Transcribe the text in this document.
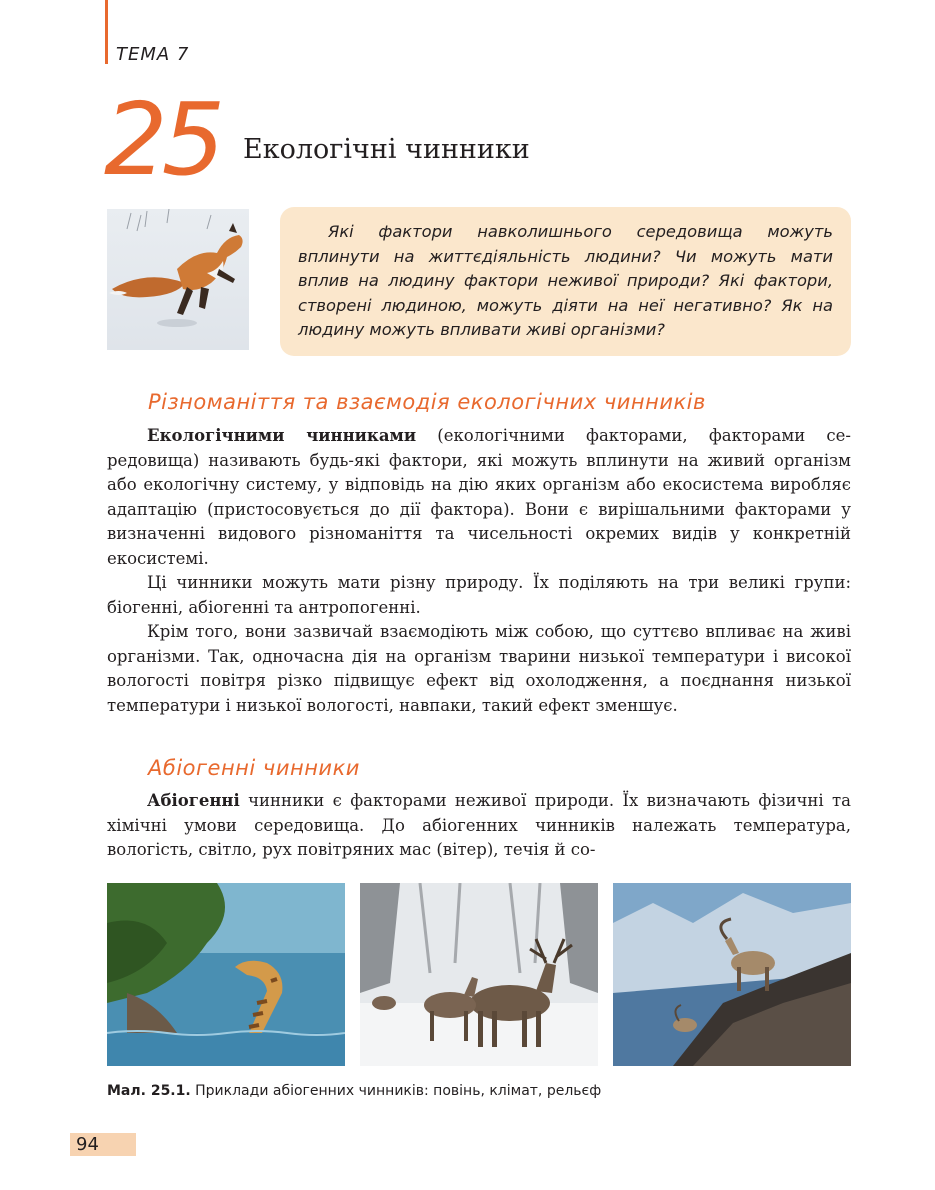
ТЕМА 7
25 Екологічні чинники

Які фактори навколишнього середовища можуть вплинути на життєдіяльність людини? Чи можуть мати вплив на людину фактори неживої природи? Які фактори, створені людиною, можуть діяти на неї негативно? Як на людину можуть впливати живі організми?

Різноманіття та взаємодія екологічних чинників

Екологічними чинниками (екологічними факторами, факторами середовища) називають будь-які фактори, які можуть вплинути на живий організм або екологічну систему, у відповідь на дію яких організм або екосистема виробляє адаптацію (пристосовується до дії фактора). Вони є вирішальними факторами у визначенні видового різноманіття та чисельності окремих видів у конкретній екосистемі.

Ці чинники можуть мати різну природу. Їх поділяють на три великі групи: біогенні, абіогенні та антропогенні.

Крім того, вони зазвичай взаємодіють між собою, що суттєво впливає на живі організми. Так, одночасна дія на організм тварини низької температури і високої вологості повітря різко підвищує ефект від охолодження, а поєднання низької температури і низької вологості, навпаки, такий ефект зменшує.

Абіогенні чинники

Абіогенні чинники є факторами неживої природи. Їх визначають фізичні та хімічні умови середовища. До абіогенних чинників належать температура, вологість, світло, рух повітряних мас (вітер), течія й со-

Мал. 25.1. Приклади абіогенних чинників: повінь, клімат, рельєф
94
